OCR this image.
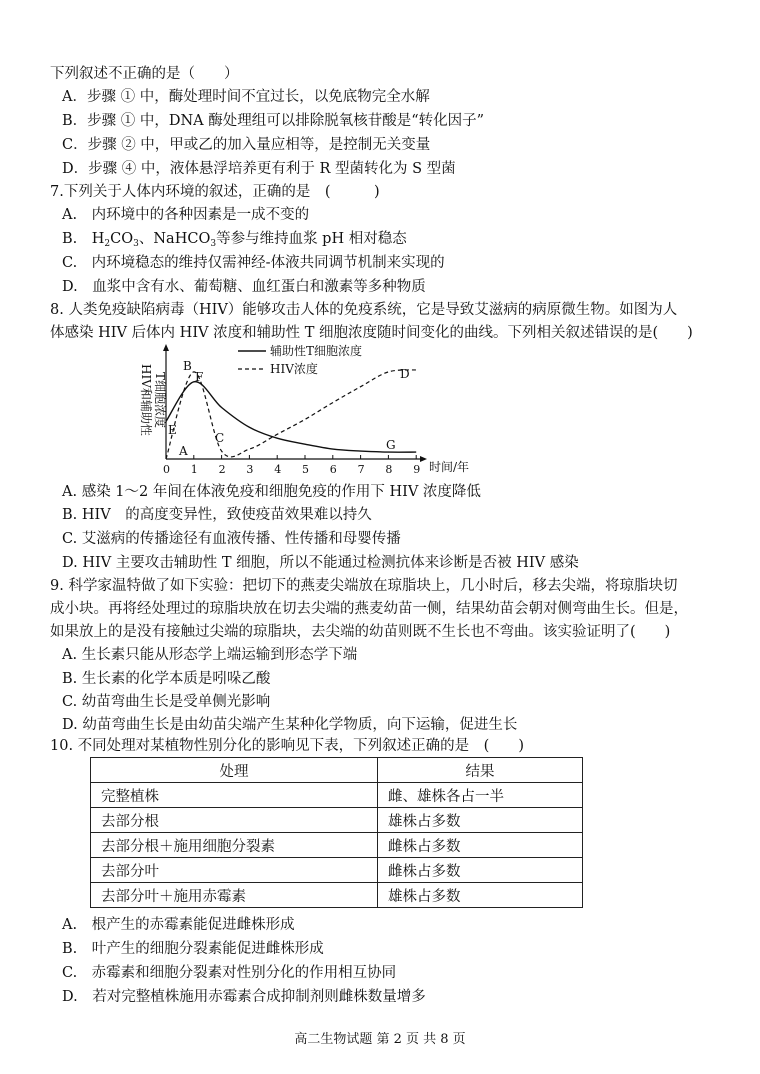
下列叙述不正确的是（　　）
A．步骤 ① 中，酶处理时间不宜过长，以免底物完全水解
B．步骤 ① 中，DNA 酶处理组可以排除脱氧核苷酸是“转化因子”
C．步骤 ② 中，甲或乙的加入量应相等，是控制无关变量
D．步骤 ④ 中，液体悬浮培养更有利于 R 型菌转化为 S 型菌
7.下列关于人体内环境的叙述，正确的是　(　　　)
A.　内环境中的各种因素是一成不变的
B.　$H_2CO_3$、NaHCO$_3$等参与维持血浆 pH 相对稳态
C.　内环境稳态的维持仅需神经-体液共同调节机制来实现的
D.　血浆中含有水、葡萄糖、血红蛋白和激素等多种物质
8. 人类免疫缺陷病毒（HIV）能够攻击人体的免疫系统，它是导致艾滋病的病原微生物。如图为人
体感染 HIV 后体内 HIV 浓度和辅助性 T 细胞浓度随时间变化的曲线。下列相关叙述错误的是(　　)
HIV和辅助性 T细胞浓度
0 1 2 3 4 5 6 7 8 9 时间/年
辅助性T细胞浓度
HIV浓度
A
B
C
D
E
F
G
A. 感染 1～2 年间在体液免疫和细胞免疫的作用下 HIV 浓度降低
B. HIV　的高度变异性，致使疫苗效果难以持久
C. 艾滋病的传播途径有血液传播、性传播和母婴传播
D. HIV 主要攻击辅助性 T 细胞，所以不能通过检测抗体来诊断是否被 HIV 感染
9. 科学家温特做了如下实验：把切下的燕麦尖端放在琼脂块上，几小时后，移去尖端，将琼脂块切
成小块。再将经处理过的琼脂块放在切去尖端的燕麦幼苗一侧，结果幼苗会朝对侧弯曲生长。但是，
如果放上的是没有接触过尖端的琼脂块，去尖端的幼苗则既不生长也不弯曲。该实验证明了(　　)
A. 生长素只能从形态学上端运输到形态学下端
B. 生长素的化学本质是吲哚乙酸
C. 幼苗弯曲生长是受单侧光影响
D. 幼苗弯曲生长是由幼苗尖端产生某种化学物质，向下运输，促进生长
10. 不同处理对某植物性别分化的影响见下表，下列叙述正确的是　(　　)
处理	结果
完整植株	雌、雄株各占一半
去部分根	雄株占多数
去部分根＋施用细胞分裂素	雌株占多数
去部分叶	雌株占多数
去部分叶＋施用赤霉素	雄株占多数
A.　根产生的赤霉素能促进雌株形成
B.　叶产生的细胞分裂素能促进雌株形成
C.　赤霉素和细胞分裂素对性别分化的作用相互协同
D.　若对完整植株施用赤霉素合成抑制剂则雌株数量增多
高二生物试题 第 2 页 共 8 页
